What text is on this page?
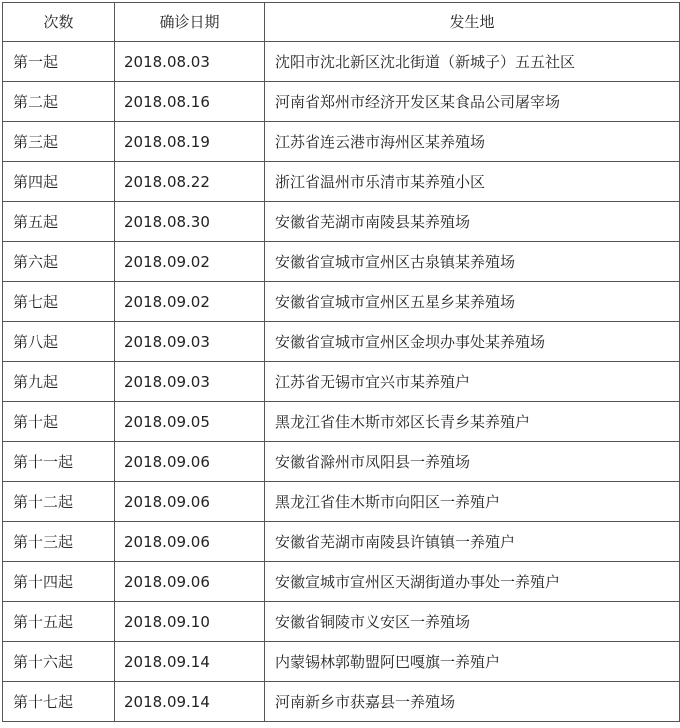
次数	确诊日期	发生地
第一起	2018.08.03	沈阳市沈北新区沈北街道（新城子）五五社区
第二起	2018.08.16	河南省郑州市经济开发区某食品公司屠宰场
第三起	2018.08.19	江苏省连云港市海州区某养殖场
第四起	2018.08.22	浙江省温州市乐清市某养殖小区
第五起	2018.08.30	安徽省芜湖市南陵县某养殖场
第六起	2018.09.02	安徽省宣城市宣州区古泉镇某养殖场
第七起	2018.09.02	安徽省宣城市宣州区五星乡某养殖场
第八起	2018.09.03	安徽省宣城市宣州区金坝办事处某养殖场
第九起	2018.09.03	江苏省无锡市宜兴市某养殖户
第十起	2018.09.05	黑龙江省佳木斯市郊区长青乡某养殖户
第十一起	2018.09.06	安徽省滁州市凤阳县一养殖场
第十二起	2018.09.06	黑龙江省佳木斯市向阳区一养殖户
第十三起	2018.09.06	安徽省芜湖市南陵县许镇镇一养殖户
第十四起	2018.09.06	安徽宣城市宣州区天湖街道办事处一养殖户
第十五起	2018.09.10	安徽省铜陵市义安区一养殖场
第十六起	2018.09.14	内蒙锡林郭勒盟阿巴嘎旗一养殖户
第十七起	2018.09.14	河南新乡市获嘉县一养殖场
